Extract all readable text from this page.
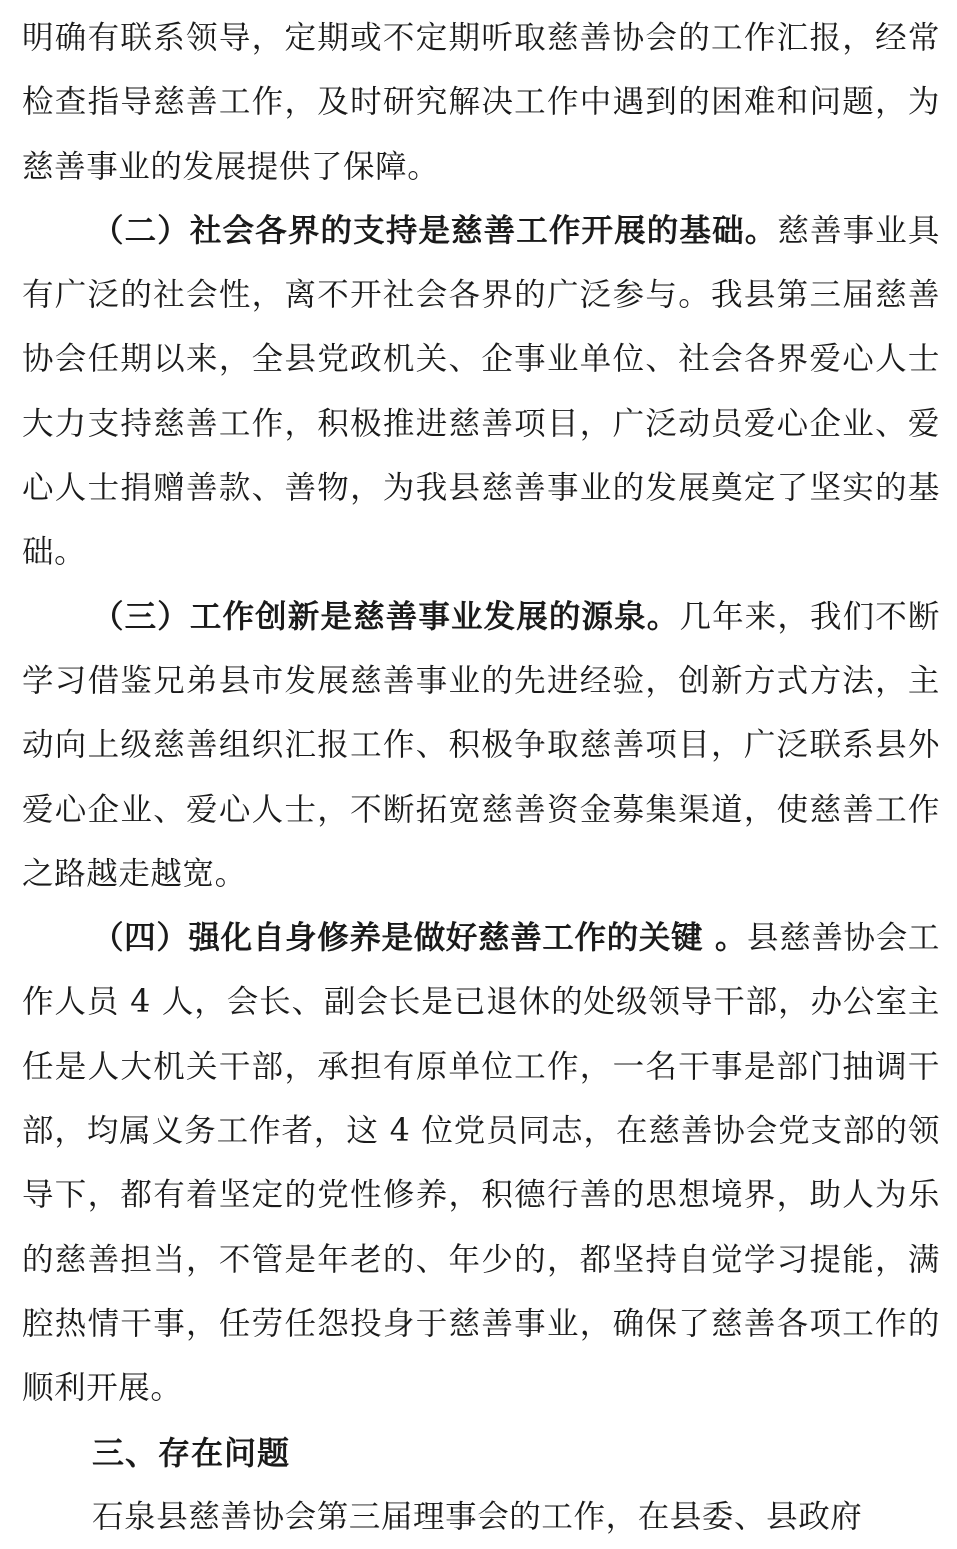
明确有联系领导，定期或不定期听取慈善协会的工作汇报，经常检查指导慈善工作，及时研究解决工作中遇到的困难和问题，为慈善事业的发展提供了保障。

（二）社会各界的支持是慈善工作开展的基础。慈善事业具有广泛的社会性，离不开社会各界的广泛参与。我县第三届慈善协会任期以来，全县党政机关、企事业单位、社会各界爱心人士大力支持慈善工作，积极推进慈善项目，广泛动员爱心企业、爱心人士捐赠善款、善物，为我县慈善事业的发展奠定了坚实的基础。

（三）工作创新是慈善事业发展的源泉。几年来，我们不断学习借鉴兄弟县市发展慈善事业的先进经验，创新方式方法，主动向上级慈善组织汇报工作、积极争取慈善项目，广泛联系县外爱心企业、爱心人士，不断拓宽慈善资金募集渠道，使慈善工作之路越走越宽。

（四）强化自身修养是做好慈善工作的关键 。县慈善协会工作人员 4 人，会长、副会长是已退休的处级领导干部，办公室主任是人大机关干部，承担有原单位工作，一名干事是部门抽调干部，均属义务工作者，这 4 位党员同志，在慈善协会党支部的领导下，都有着坚定的党性修养，积德行善的思想境界，助人为乐的慈善担当，不管是年老的、年少的，都坚持自觉学习提能，满腔热情干事，任劳任怨投身于慈善事业，确保了慈善各项工作的顺利开展。

三、存在问题

石泉县慈善协会第三届理事会的工作，在县委、县政府
